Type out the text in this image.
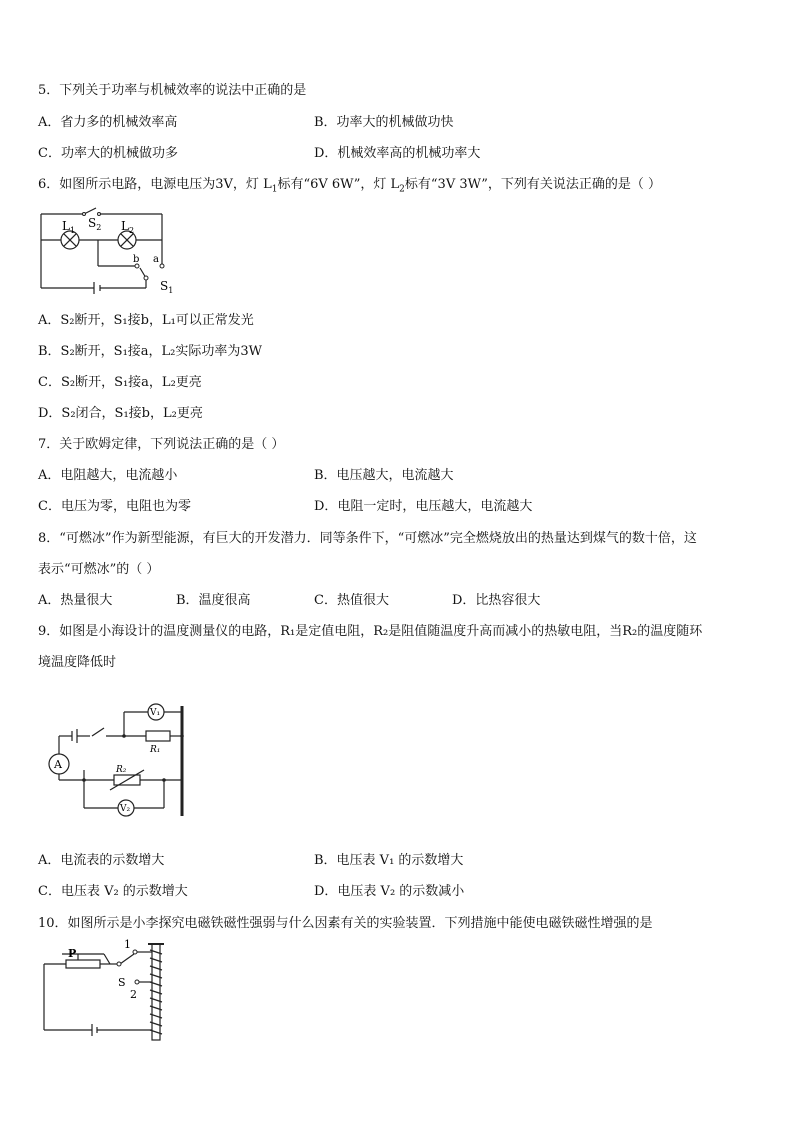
5．下列关于功率与机械效率的说法中正确的是
A．省力多的机械效率高	B．功率大的机械做功快
C．功率大的机械做功多	D．机械效率高的机械功率大
6．如图所示电路，电源电压为3V，灯 $L_1$标有“6V 6W”，灯 $L_2$标有“3V 3W”，下列有关说法正确的是（ ）
$L_1$
$S_2$ $L_2$
b a
$S_1$
A．S₂断开，S₁接b，L₁可以正常发光
B．S₂断开，S₁接a，L₂实际功率为3W
C．S₂断开，S₁接a，L₂更亮
D．S₂闭合，S₁接b，L₂更亮
7．关于欧姆定律，下列说法正确的是（ ）
A．电阻越大，电流越小	B．电压越大，电流越大
C．电压为零，电阻也为零	D．电阻一定时，电压越大，电流越大
8．“可燃冰”作为新型能源，有巨大的开发潜力．同等条件下，“可燃冰”完全燃烧放出的热量达到煤气的数十倍，这
表示“可燃冰”的（ ）
A．热量很大	B．温度很高	C．热值很大	D．比热容很大
9．如图是小海设计的温度测量仪的电路，R₁是定值电阻，R₂是阻值随温度升高而减小的热敏电阻，当R₂的温度随环
境温度降低时
A
V₁
R₁
R₂
V₂
A．电流表的示数增大	B．电压表 V₁ 的示数增大
C．电压表 V₂ 的示数增大	D．电压表 V₂ 的示数减小
10．如图所示是小李探究电磁铁磁性强弱与什么因素有关的实验装置．下列措施中能使电磁铁磁性增强的是
P
1
S
2
